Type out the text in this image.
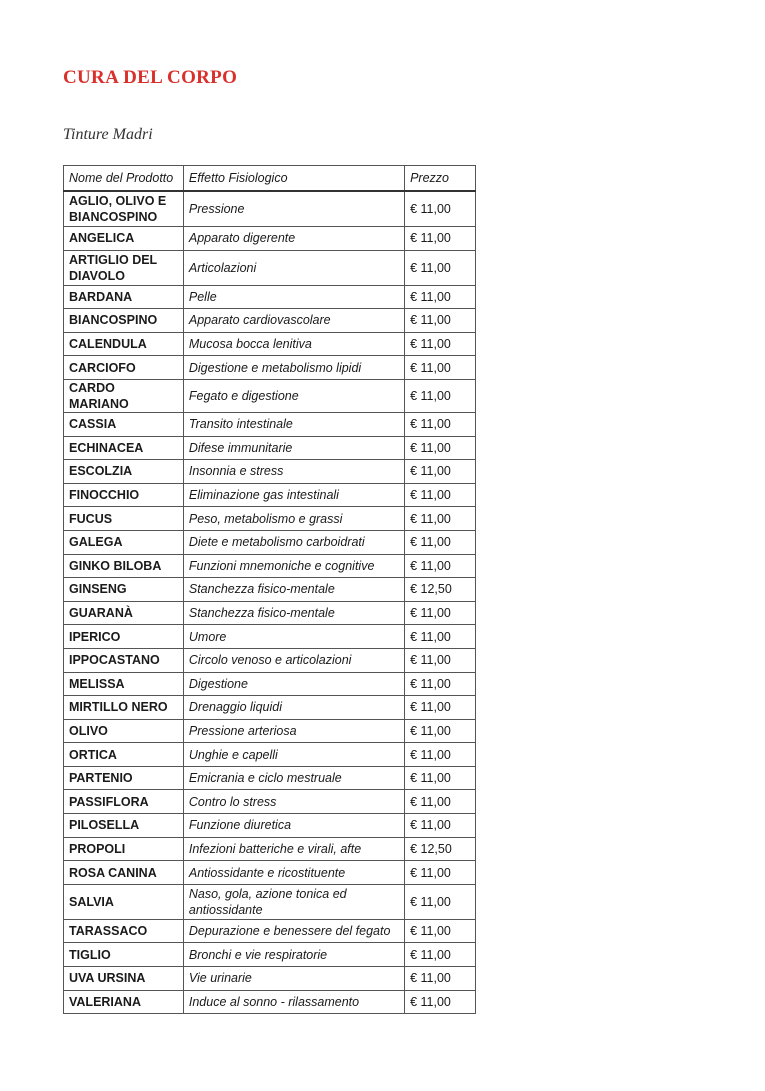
CURA DEL CORPO
Tinture Madri
Nome del Prodotto	Effetto Fisiologico	Prezzo
AGLIO, OLIVO E BIANCOSPINO	Pressione	€ 11,00
ANGELICA	Apparato digerente	€ 11,00
ARTIGLIO DEL DIAVOLO	Articolazioni	€ 11,00
BARDANA	Pelle	€ 11,00
BIANCOSPINO	Apparato cardiovascolare	€ 11,00
CALENDULA	Mucosa bocca lenitiva	€ 11,00
CARCIOFO	Digestione e metabolismo lipidi	€ 11,00
CARDO MARIANO	Fegato e digestione	€ 11,00
CASSIA	Transito intestinale	€ 11,00
ECHINACEA	Difese immunitarie	€ 11,00
ESCOLZIA	Insonnia e stress	€ 11,00
FINOCCHIO	Eliminazione gas intestinali	€ 11,00
FUCUS	Peso, metabolismo e grassi	€ 11,00
GALEGA	Diete e metabolismo carboidrati	€ 11,00
GINKO BILOBA	Funzioni mnemoniche e cognitive	€ 11,00
GINSENG	Stanchezza fisico-mentale	€ 12,50
GUARANÀ	Stanchezza fisico-mentale	€ 11,00
IPERICO	Umore	€ 11,00
IPPOCASTANO	Circolo venoso e articolazioni	€ 11,00
MELISSA	Digestione	€ 11,00
MIRTILLO NERO	Drenaggio liquidi	€ 11,00
OLIVO	Pressione arteriosa	€ 11,00
ORTICA	Unghie e capelli	€ 11,00
PARTENIO	Emicrania e ciclo mestruale	€ 11,00
PASSIFLORA	Contro lo stress	€ 11,00
PILOSELLA	Funzione diuretica	€ 11,00
PROPOLI	Infezioni batteriche e virali, afte	€ 12,50
ROSA CANINA	Antiossidante e ricostituente	€ 11,00
SALVIA	Naso, gola, azione tonica ed antiossidante	€ 11,00
TARASSACO	Depurazione e benessere del fegato	€ 11,00
TIGLIO	Bronchi e vie respiratorie	€ 11,00
UVA URSINA	Vie urinarie	€ 11,00
VALERIANA	Induce al sonno - rilassamento	€ 11,00
